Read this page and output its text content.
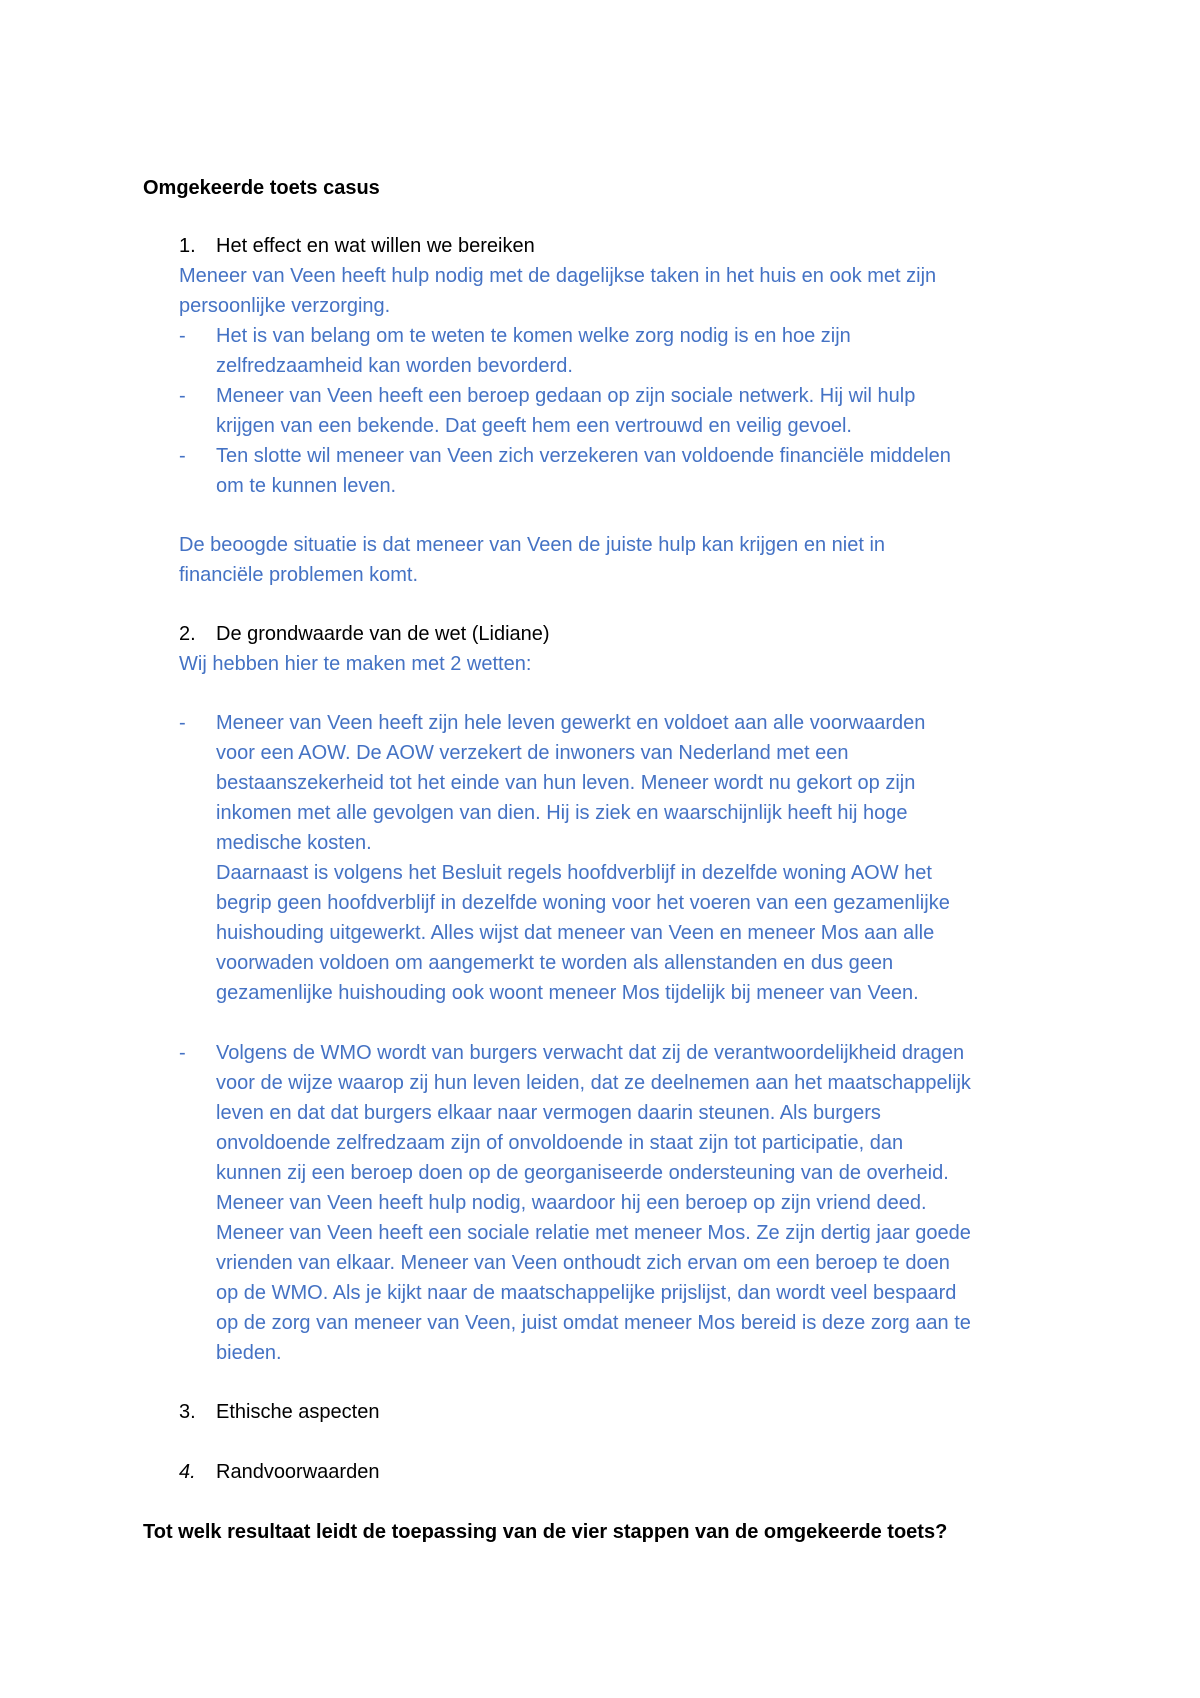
Omgekeerde toets casus
1. Het effect en wat willen we bereiken
Meneer van Veen heeft hulp nodig met de dagelijkse taken in het huis en ook met zijn
persoonlijke verzorging.
- Het is van belang om te weten te komen welke zorg nodig is en hoe zijn
zelfredzaamheid kan worden bevorderd.
- Meneer van Veen heeft een beroep gedaan op zijn sociale netwerk. Hij wil hulp
krijgen van een bekende. Dat geeft hem een vertrouwd en veilig gevoel.
- Ten slotte wil meneer van Veen zich verzekeren van voldoende financiële middelen
om te kunnen leven.
De beoogde situatie is dat meneer van Veen de juiste hulp kan krijgen en niet in
financiële problemen komt.
2. De grondwaarde van de wet (Lidiane)
Wij hebben hier te maken met 2 wetten:
- Meneer van Veen heeft zijn hele leven gewerkt en voldoet aan alle voorwaarden
voor een AOW. De AOW verzekert de inwoners van Nederland met een
bestaanszekerheid tot het einde van hun leven. Meneer wordt nu gekort op zijn
inkomen met alle gevolgen van dien. Hij is ziek en waarschijnlijk heeft hij hoge
medische kosten.
Daarnaast is volgens het Besluit regels hoofdverblijf in dezelfde woning AOW het
begrip geen hoofdverblijf in dezelfde woning voor het voeren van een gezamenlijke
huishouding uitgewerkt. Alles wijst dat meneer van Veen en meneer Mos aan alle
voorwaden voldoen om aangemerkt te worden als allenstanden en dus geen
gezamenlijke huishouding ook woont meneer Mos tijdelijk bij meneer van Veen.
- Volgens de WMO wordt van burgers verwacht dat zij de verantwoordelijkheid dragen
voor de wijze waarop zij hun leven leiden, dat ze deelnemen aan het maatschappelijk
leven en dat dat burgers elkaar naar vermogen daarin steunen. Als burgers
onvoldoende zelfredzaam zijn of onvoldoende in staat zijn tot participatie, dan
kunnen zij een beroep doen op de georganiseerde ondersteuning van de overheid.
Meneer van Veen heeft hulp nodig, waardoor hij een beroep op zijn vriend deed.
Meneer van Veen heeft een sociale relatie met meneer Mos. Ze zijn dertig jaar goede
vrienden van elkaar. Meneer van Veen onthoudt zich ervan om een beroep te doen
op de WMO. Als je kijkt naar de maatschappelijke prijslijst, dan wordt veel bespaard
op de zorg van meneer van Veen, juist omdat meneer Mos bereid is deze zorg aan te
bieden.
3. Ethische aspecten
4. Randvoorwaarden
Tot welk resultaat leidt de toepassing van de vier stappen van de omgekeerde toets?
